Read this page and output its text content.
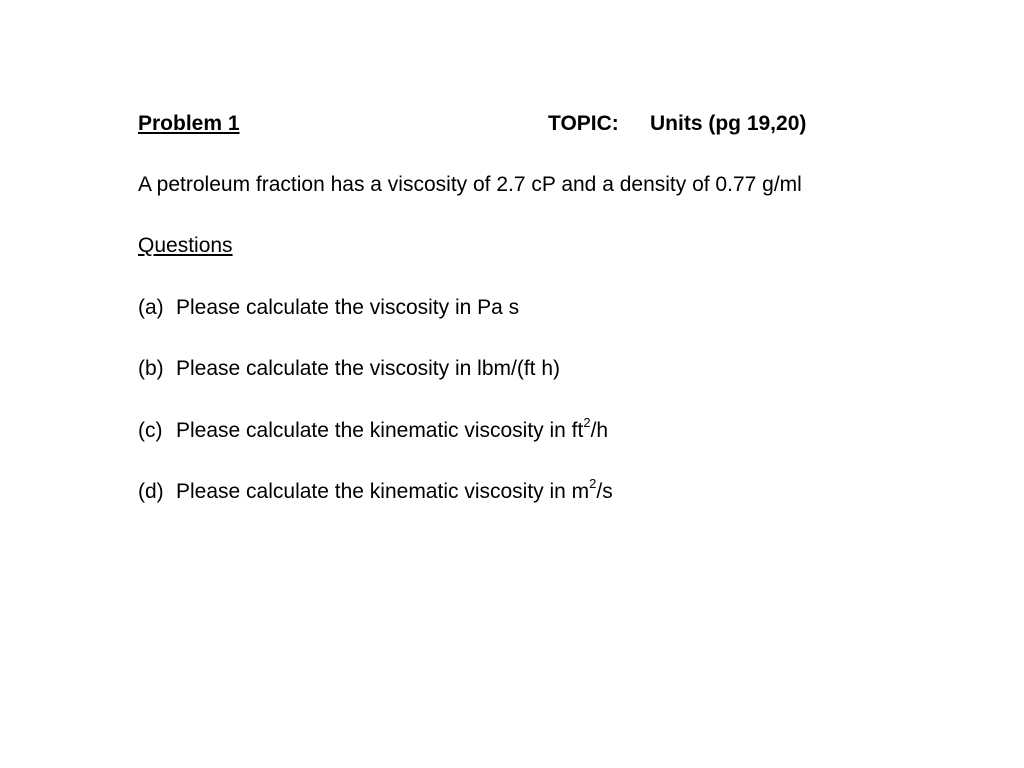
Problem 1	TOPIC: Units (pg 19,20)
A petroleum fraction has a viscosity of 2.7 cP and a density of 0.77 g/ml
Questions
(a) Please calculate the viscosity in Pa s
(b) Please calculate the viscosity in lbm/(ft h)
(c) Please calculate the kinematic viscosity in $ft^2/h$
(d) Please calculate the kinematic viscosity in $m^2/s$
